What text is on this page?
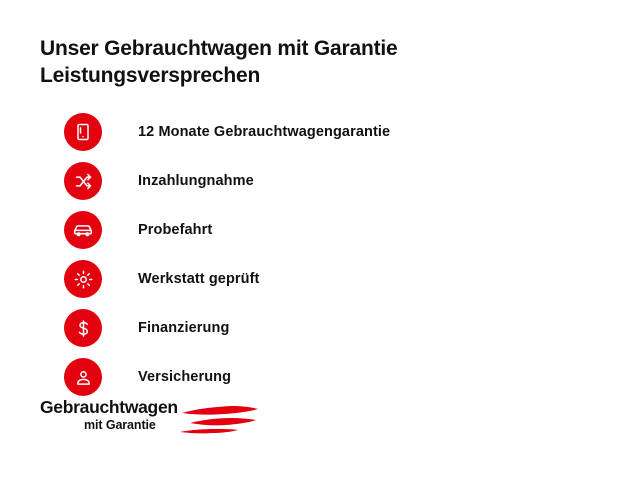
Unser Gebrauchtwagen mit Garantie
Leistungsversprechen
12 Monate Gebrauchtwagengarantie
Inzahlungnahme
Probefahrt
Werkstatt geprüft
Finanzierung
Versicherung
Gebrauchtwagen
mit Garantie
